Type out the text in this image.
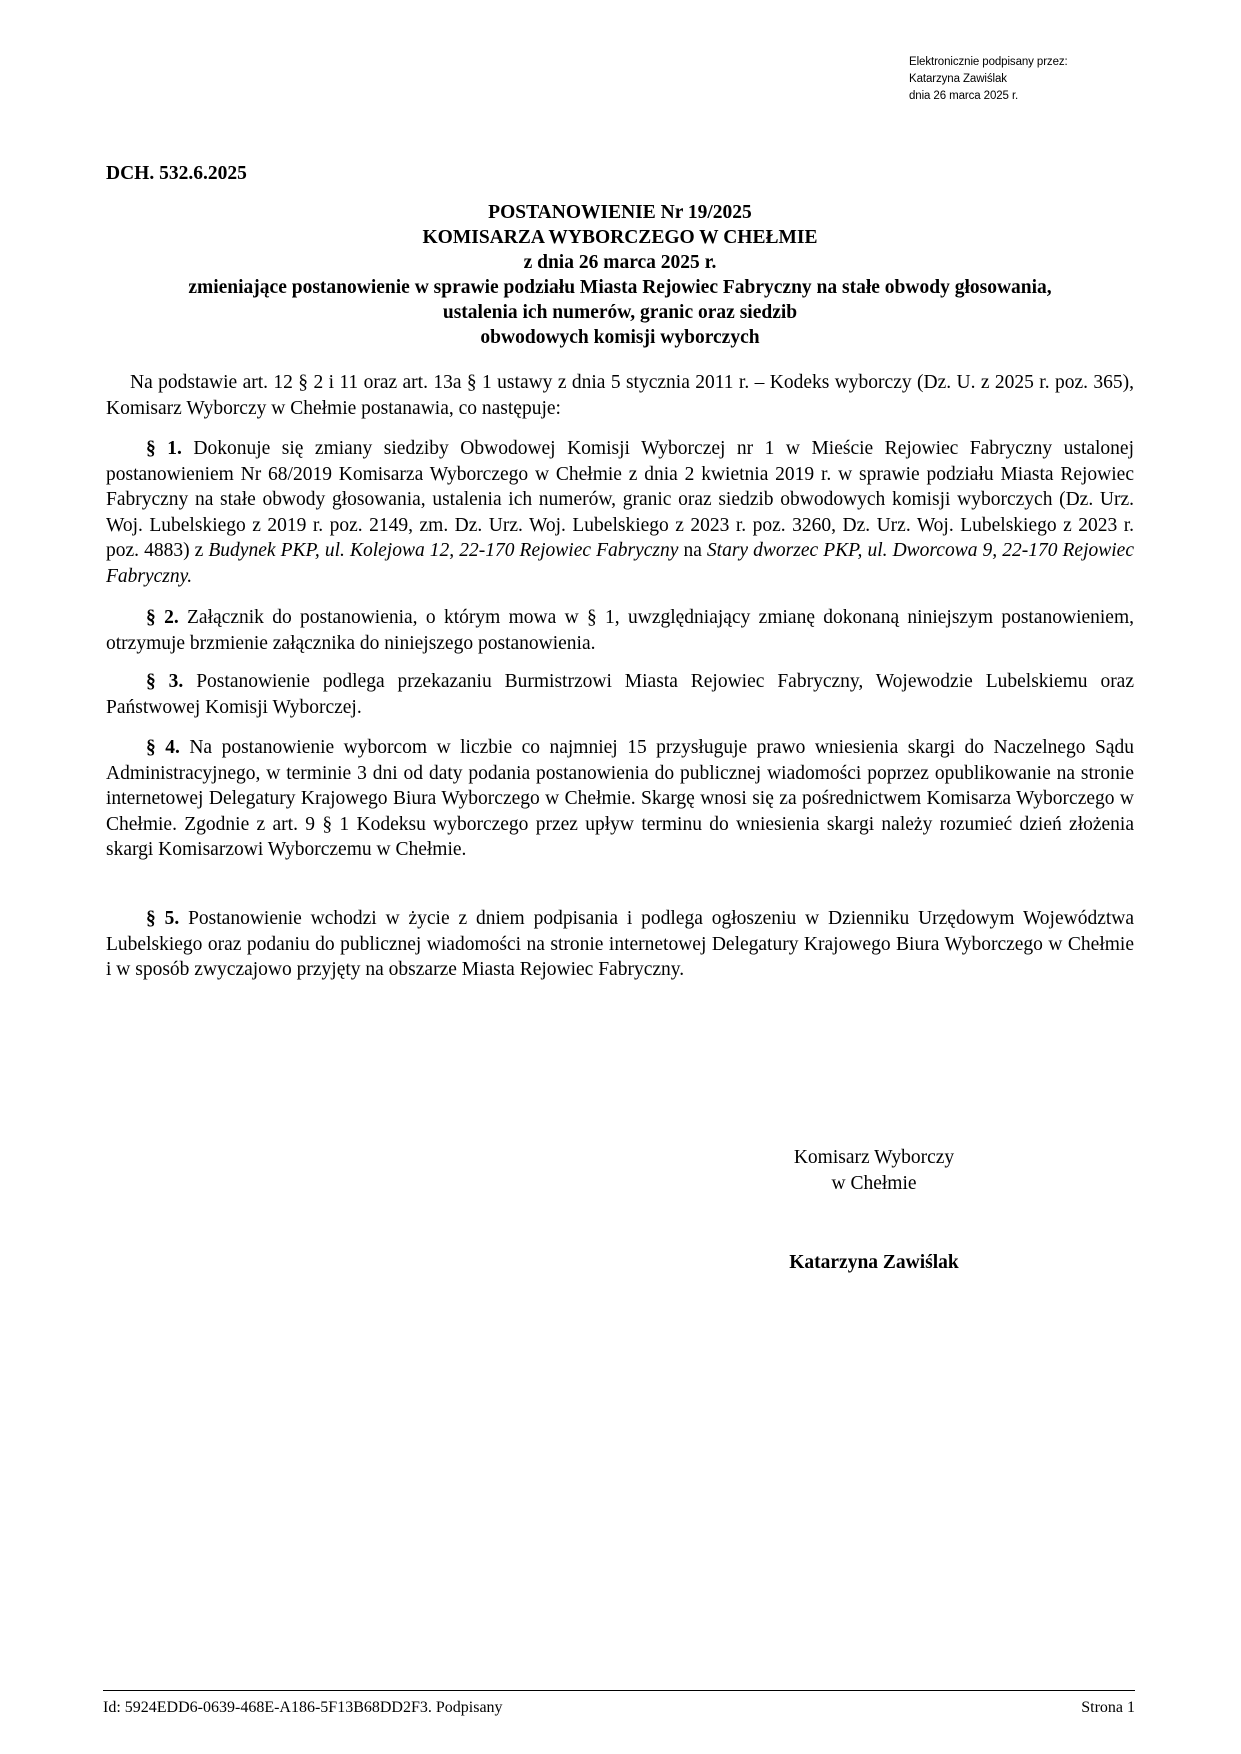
Elektronicznie podpisany przez:
Katarzyna Zawiślak
dnia 26 marca 2025 r.
DCH. 532.6.2025
POSTANOWIENIE Nr 19/2025
KOMISARZA WYBORCZEGO W CHEŁMIE
z dnia 26 marca 2025 r.
zmieniające postanowienie w sprawie podziału Miasta Rejowiec Fabryczny na stałe obwody głosowania,
ustalenia ich numerów, granic oraz siedzib
obwodowych komisji wyborczych

Na podstawie art. 12 § 2 i 11 oraz art. 13a § 1 ustawy z dnia 5 stycznia 2011 r. – Kodeks wyborczy (Dz. U. z 2025 r. poz. 365), Komisarz Wyborczy w Chełmie postanawia, co następuje:

§ 1. Dokonuje się zmiany siedziby Obwodowej Komisji Wyborczej nr 1 w Mieście Rejowiec Fabryczny ustalonej postanowieniem Nr 68/2019 Komisarza Wyborczego w Chełmie z dnia 2 kwietnia 2019 r. w sprawie podziału Miasta Rejowiec Fabryczny na stałe obwody głosowania, ustalenia ich numerów, granic oraz siedzib obwodowych komisji wyborczych (Dz. Urz. Woj. Lubelskiego z 2019 r. poz. 2149, zm. Dz. Urz. Woj. Lubelskiego z 2023 r. poz. 3260, Dz. Urz. Woj. Lubelskiego z 2023 r. poz. 4883) z Budynek PKP, ul. Kolejowa 12, 22-170 Rejowiec Fabryczny na Stary dworzec PKP, ul. Dworcowa 9, 22-170 Rejowiec Fabryczny.

§ 2. Załącznik do postanowienia, o którym mowa w § 1, uwzględniający zmianę dokonaną niniejszym postanowieniem, otrzymuje brzmienie załącznika do niniejszego postanowienia.

§ 3. Postanowienie podlega przekazaniu Burmistrzowi Miasta Rejowiec Fabryczny, Wojewodzie Lubelskiemu oraz Państwowej Komisji Wyborczej.

§ 4. Na postanowienie wyborcom w liczbie co najmniej 15 przysługuje prawo wniesienia skargi do Naczelnego Sądu Administracyjnego, w terminie 3 dni od daty podania postanowienia do publicznej wiadomości poprzez opublikowanie na stronie internetowej Delegatury Krajowego Biura Wyborczego w Chełmie. Skargę wnosi się za pośrednictwem Komisarza Wyborczego w Chełmie. Zgodnie z art. 9 § 1 Kodeksu wyborczego przez upływ terminu do wniesienia skargi należy rozumieć dzień złożenia skargi Komisarzowi Wyborczemu w Chełmie.

§ 5. Postanowienie wchodzi w życie z dniem podpisania i podlega ogłoszeniu w Dzienniku Urzędowym Województwa Lubelskiego oraz podaniu do publicznej wiadomości na stronie internetowej Delegatury Krajowego Biura Wyborczego w Chełmie i w sposób zwyczajowo przyjęty na obszarze Miasta Rejowiec Fabryczny.

Komisarz Wyborczy
w Chełmie
Katarzyna Zawiślak
Id: 5924EDD6-0639-468E-A186-5F13B68DD2F3. Podpisany	Strona 1
